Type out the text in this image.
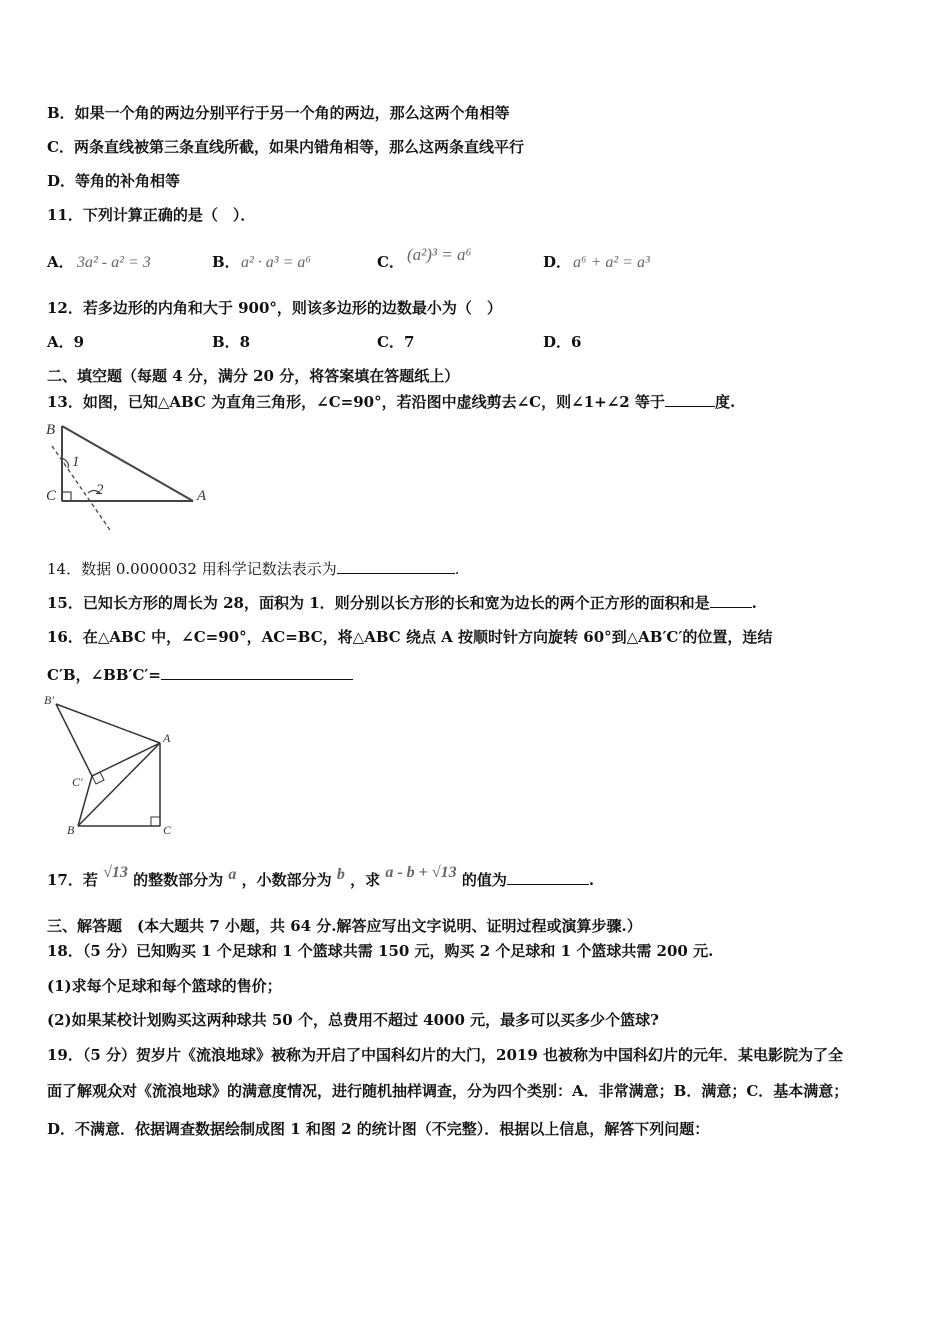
B．如果一个角的两边分别平行于另一个角的两边，那么这两个角相等
C．两条直线被第三条直线所截，如果内错角相等，那么这两条直线平行
D．等角的补角相等
11．下列计算正确的是（　）．
A． 3a² - a² = 3	B． a² · a³ = a⁶	C． (a²)³ = a⁶	D． a⁶ + a² = a³
12．若多边形的内角和大于 900°，则该多边形的边数最小为（　）
A．9	B．8	C．7	D．6
二、填空题（每题 4 分，满分 20 分，将答案填在答题纸上）
13．如图，已知△ABC 为直角三角形，∠C=90°，若沿图中虚线剪去∠C，则∠1+∠2 等于	度.
B
C	A
1
2
14．数据 0.0000032 用科学记数法表示为	.
15．已知长方形的周长为 28，面积为 1．则分别以长方形的长和宽为边长的两个正方形的面积和是	.
16．在△ABC 中，∠C=90°，AC=BC，将△ABC 绕点 A 按顺时针方向旋转 60°到△AB′C′的位置，连结
C′B，∠BB′C′=
B′
A
C′
B	C
17．若 √13 的整数部分为 a ，小数部分为 b ，求 a - b + √13 的值为	.
三、解答题　(本大题共 7 小题，共 64 分.解答应写出文字说明、证明过程或演算步骤.）
18．（5 分）已知购买 1 个足球和 1 个篮球共需 150 元，购买 2 个足球和 1 个篮球共需 200 元.
(1)求每个足球和每个篮球的售价；
(2)如果某校计划购买这两种球共 50 个，总费用不超过 4000 元，最多可以买多少个篮球?
19．（5 分）贺岁片《流浪地球》被称为开启了中国科幻片的大门，2019 也被称为中国科幻片的元年．某电影院为了全
面了解观众对《流浪地球》的满意度情况，进行随机抽样调查，分为四个类别：A．非常满意；B．满意；C．基本满意；
D．不满意．依据调查数据绘制成图 1 和图 2 的统计图（不完整）．根据以上信息，解答下列问题：
